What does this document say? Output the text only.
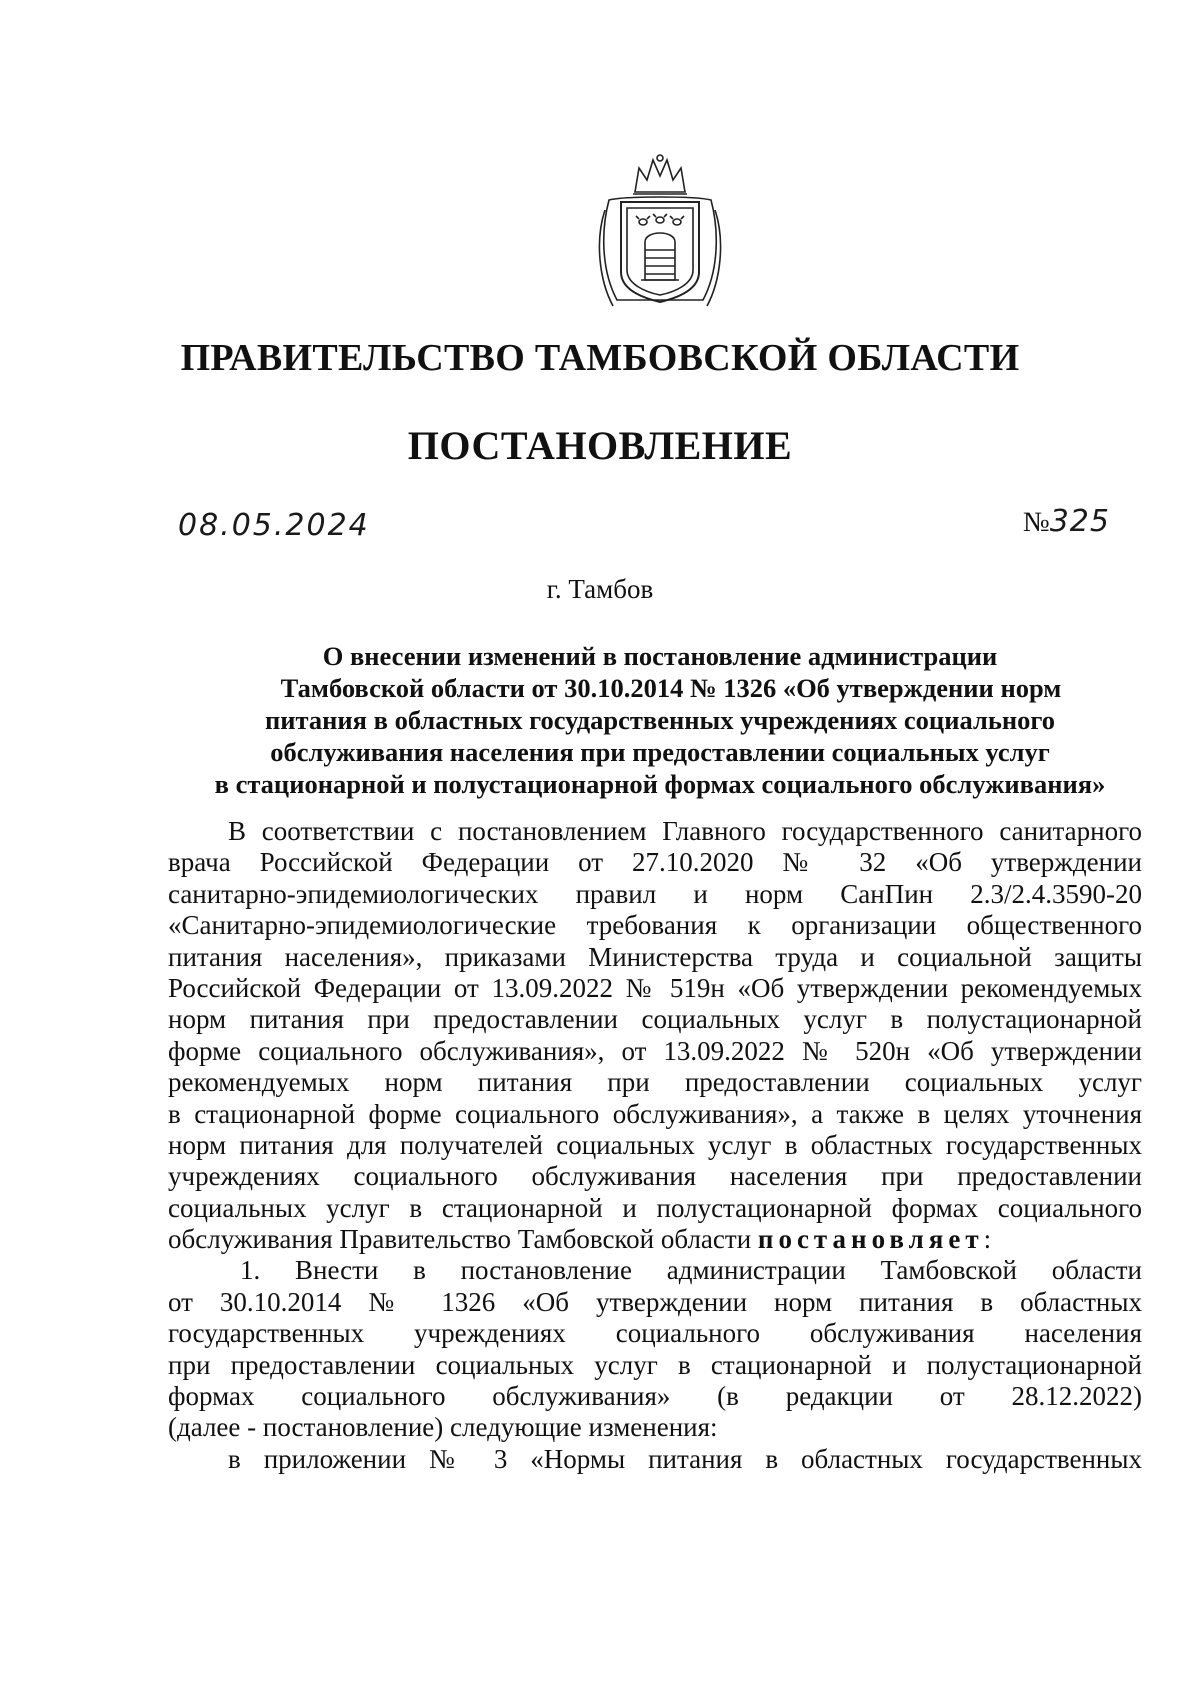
ПРАВИТЕЛЬСТВО ТАМБОВСКОЙ ОБЛАСТИ
ПОСТАНОВЛЕНИЕ
08.05.2024	№325
г. Тамбов
О внесении изменений в постановление администрации
Тамбовской области от 30.10.2014 № 1326 «Об утверждении норм
питания в областных государственных учреждениях социального
обслуживания населения при предоставлении социальных услуг
в стационарной и полустационарной формах социального обслуживания»
В соответствии с постановлением Главного государственного санитарного
врача Российской Федерации от 27.10.2020 № 32 «Об утверждении
санитарно-эпидемиологических правил и норм СанПин 2.3/2.4.3590-20
«Санитарно-эпидемиологические требования к организации общественного
питания населения», приказами Министерства труда и социальной защиты
Российской Федерации от 13.09.2022 № 519н «Об утверждении рекомендуемых
норм питания при предоставлении социальных услуг в полустационарной
форме социального обслуживания», от 13.09.2022 № 520н «Об утверждении
рекомендуемых норм питания при предоставлении социальных услуг
в стационарной форме социального обслуживания», а также в целях уточнения
норм питания для получателей социальных услуг в областных государственных
учреждениях социального обслуживания населения при предоставлении
социальных услуг в стационарной и полустационарной формах социального
обслуживания Правительство Тамбовской области постановляет:
1. Внести в постановление администрации Тамбовской области
от 30.10.2014 № 1326 «Об утверждении норм питания в областных
государственных учреждениях социального обслуживания населения
при предоставлении социальных услуг в стационарной и полустационарной
формах социального обслуживания» (в редакции от 28.12.2022)
(далее - постановление) следующие изменения:
в приложении № 3 «Нормы питания в областных государственных
